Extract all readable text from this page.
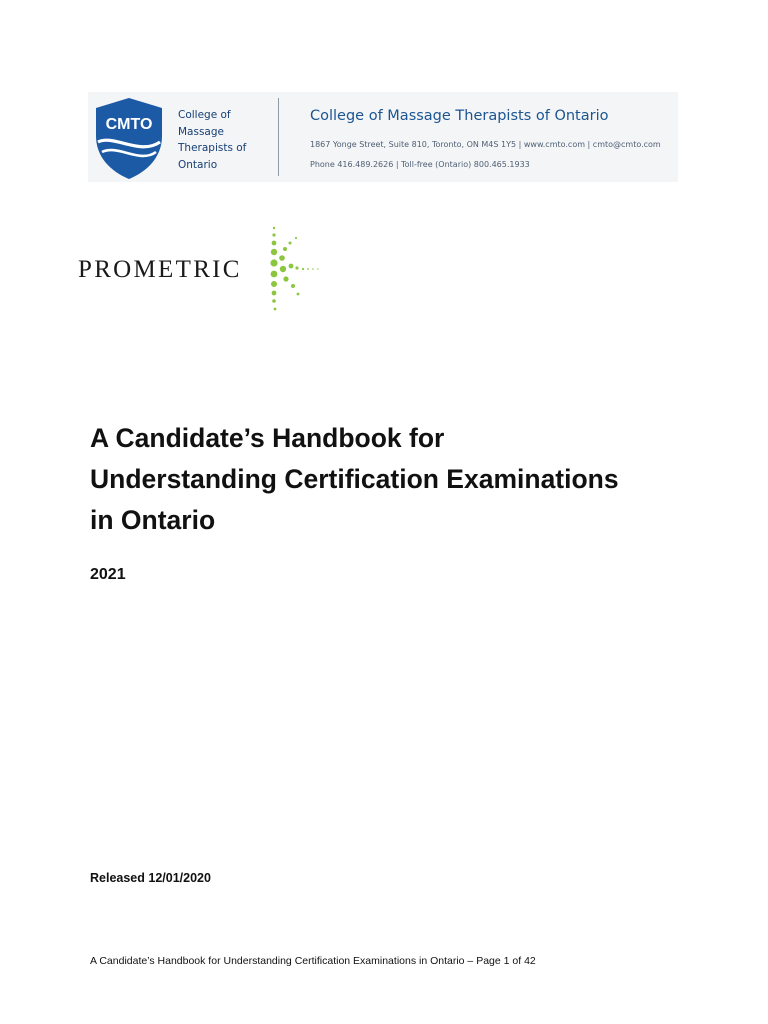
CMTO
College of
Massage
Therapists of
Ontario
College of Massage Therapists of Ontario
1867 Yonge Street, Suite 810, Toronto, ON M4S 1Y5 | www.cmto.com | cmto@cmto.com
Phone 416.489.2626 | Toll-free (Ontario) 800.465.1933
PROMETRIC
A Candidate’s Handbook for
Understanding Certification Examinations
in Ontario
2021
Released 12/01/2020
A Candidate’s Handbook for Understanding Certification Examinations in Ontario – Page 1 of 42
